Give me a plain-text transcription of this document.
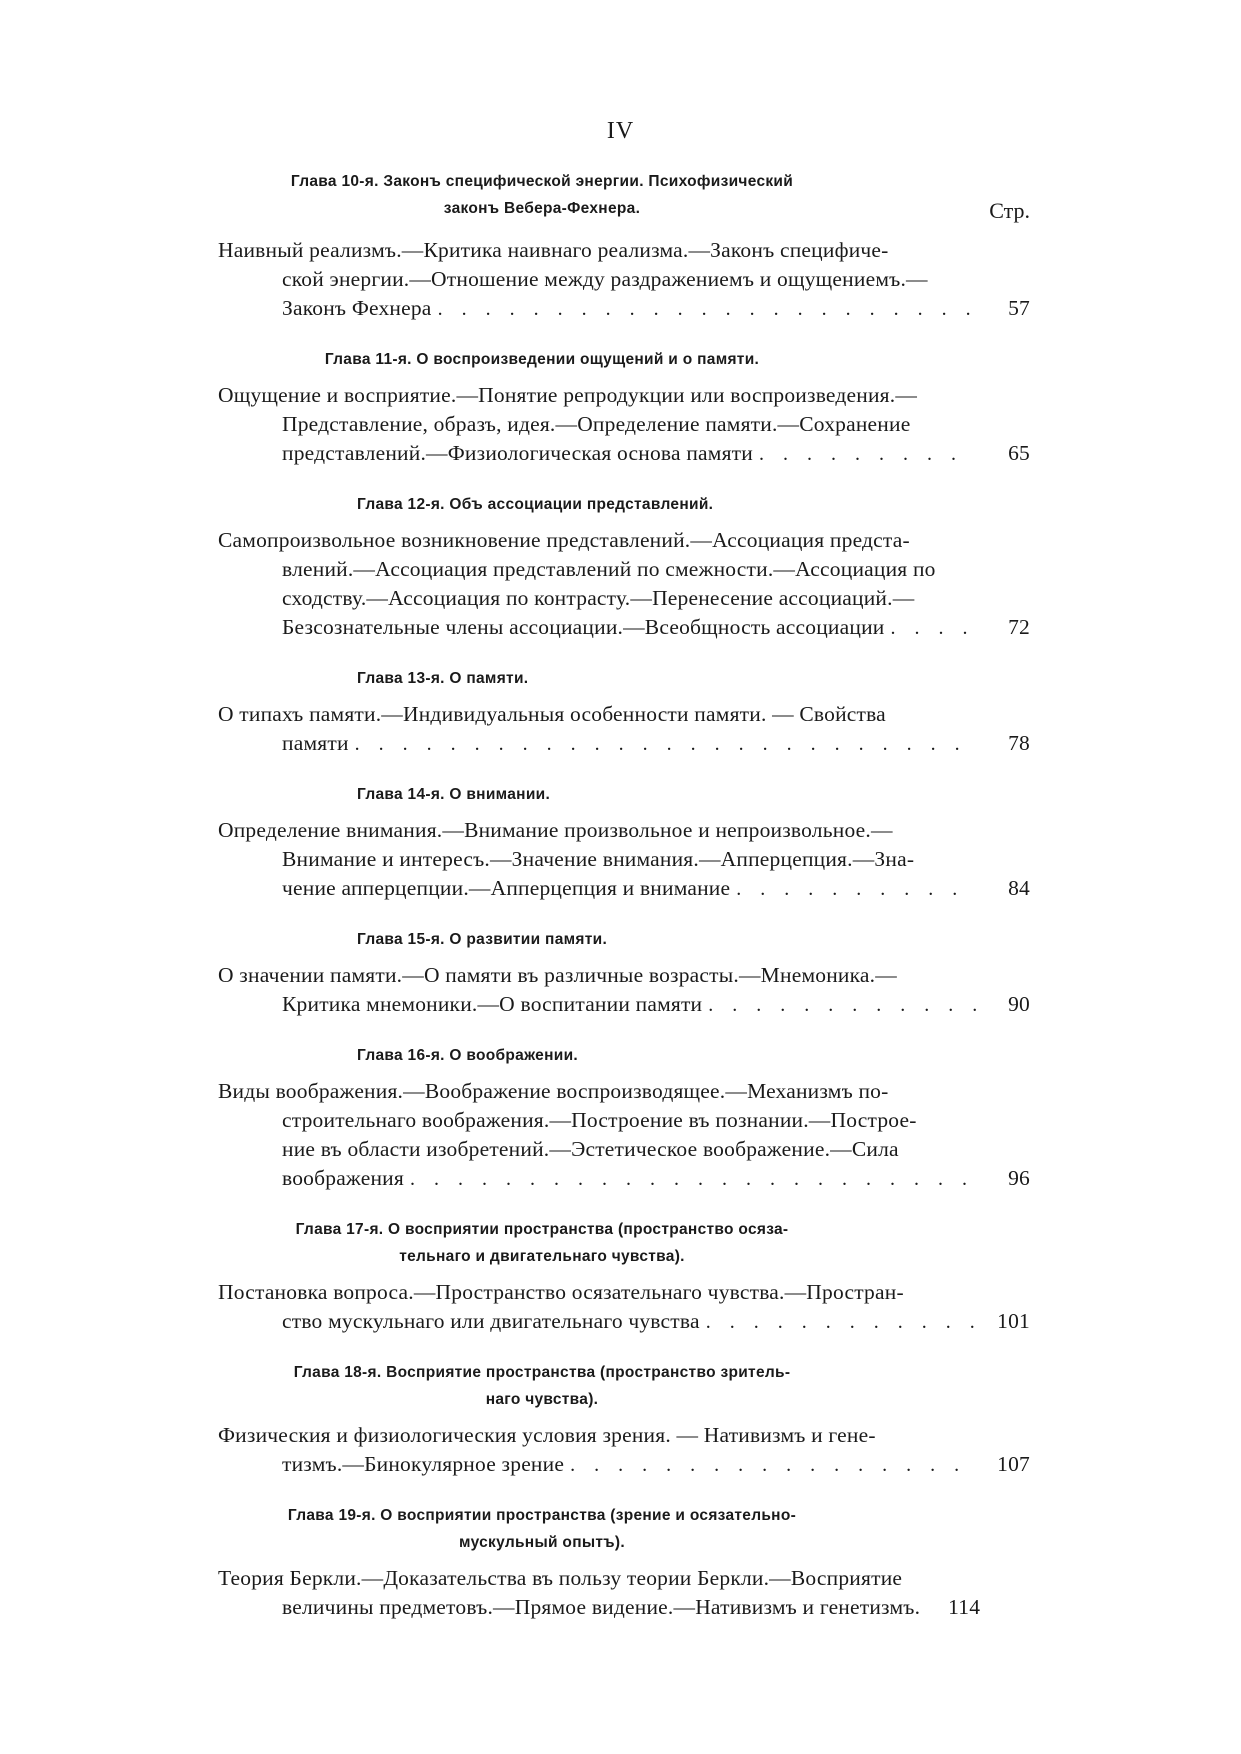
IV
Глава 10-я. Законъ специфической энергии. Психофизический
законъ Вебера-Фехнера.	Стр.
Наивный реализмъ.—Критика наивнаго реализма.—Законъ специфиче-
ской энергии.—Отношение между раздражениемъ и ощущениемъ.—
Законъ Фехнера . . .	57
Глава 11-я. О воспроизведении ощущений и о памяти.
Ощущение и восприятие.—Понятие репродукции или воспроизведения.—
Представление, образъ, идея.—Определение памяти.—Сохранение
представлений.—Физиологическая основа памяти . . .	65
Глава 12-я. Объ ассоциации представлений.
Самопроизвольное возникновение представлений.—Ассоциация предста-
влений.—Ассоциация представлений по смежности.—Ассоциация по
сходству.—Ассоциация по контрасту.—Перенесение ассоциаций.—
Безсознательные члены ассоциации.—Всеобщность ассоциации . . .	72
Глава 13-я. О памяти.
О типахъ памяти.—Индивидуальныя особенности памяти. — Свойства
памяти . . .	78
Глава 14-я. О внимании.
Определение внимания.—Внимание произвольное и непроизвольное.—
Внимание и интересъ.—Значение внимания.—Апперцепция.—Зна-
чение апперцепции.—Апперцепция и внимание . . .	84
Глава 15-я. О развитии памяти.
О значении памяти.—О памяти въ различные возрасты.—Мнемоника.—
Критика мнемоники.—О воспитании памяти . . .	90
Глава 16-я. О воображении.
Виды воображения.—Воображение воспроизводящее.—Механизмъ по-
строительнаго воображения.—Построение въ познании.—Построе-
ние въ области изобретений.—Эстетическое воображение.—Сила
воображения . . .	96
Глава 17-я. О восприятии пространства (пространство осяза-
тельнаго и двигательнаго чувства).
Постановка вопроса.—Пространство осязательнаго чувства.—Простран-
ство мускульнаго или двигательнаго чувства . . .	101
Глава 18-я. Восприятие пространства (пространство зритель-
наго чувства).
Физическия и физиологическия условия зрения. — Нативизмъ и гене-
тизмъ.—Бинокулярное зрение . . .	107
Глава 19-я. О восприятии пространства (зрение и осязательно-
мускульный опытъ).
Теория Беркли.—Доказательства въ пользу теории Беркли.—Восприятие
величины предметовъ.—Прямое видение.—Нативизмъ и генетизмъ.	114
